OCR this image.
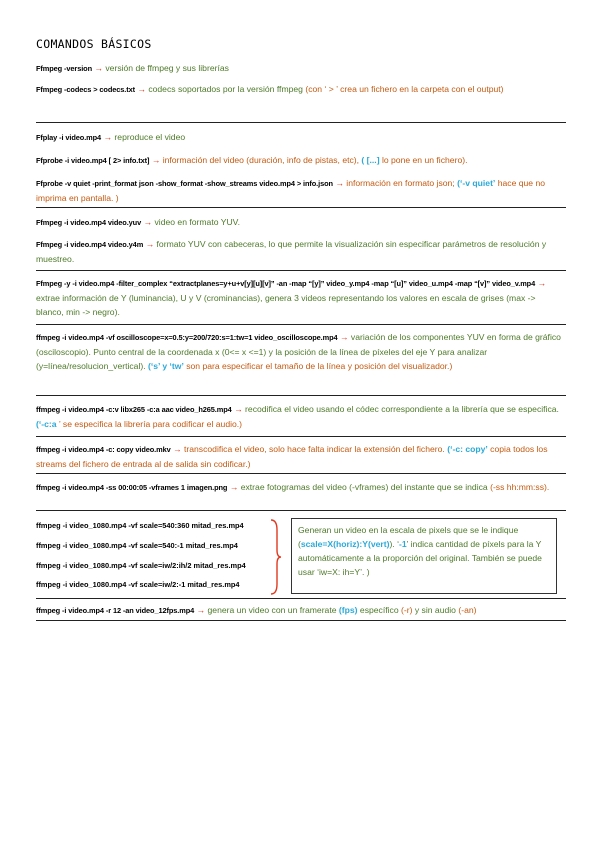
COMANDOS BÁSICOS
Ffmpeg -version → versión de ffmpeg y sus librerías
Ffmpeg -codecs > codecs.txt → codecs soportados por la versión ffmpeg (con ‘ > ’ crea un fichero en la carpeta con el output)
Ffplay -i video.mp4 → reproduce el video
Ffprobe -i video.mp4 [ 2> info.txt] → información del video (duración, info de pistas, etc), ( [...] lo pone en un fichero).
Ffprobe -v quiet -print_format json -show_format -show_streams video.mp4 > info.json → información en formato json; (‘-v quiet’ hace que no imprima en pantalla. )
Ffmpeg -i video.mp4 video.yuv → video en formato YUV.
Ffmpeg -i video.mp4 video.y4m → formato YUV con cabeceras, lo que permite la visualización sin especificar parámetros de resolución y muestreo.
Ffmpeg -y -i video.mp4 -filter_complex “extractplanes=y+u+v[y][u][v]” -an -map “[y]” video_y.mp4 -map “[u]” video_u.mp4 -map “[v]” video_v.mp4 → extrae información de Y (luminancia), U y V (crominancias), genera 3 videos representando los valores en escala de grises (max -> blanco, min -> negro).
ffmpeg -i video.mp4 -vf oscilloscope=x=0.5:y=200/720:s=1:tw=1 video_oscilloscope.mp4 → variación de los componentes YUV en forma de gráfico (osciloscopio). Punto central de la coordenada x (0<= x <=1) y la posición de la línea de píxeles del eje Y para analizar (y=línea/resolucion_vertical). (‘s’ y ‘tw’ son para especificar el tamaño de la línea y posición del visualizador.)
ffmpeg -i video.mp4 -c:v libx265 -c:a aac video_h265.mp4 → recodifica el video usando el códec correspondiente a la librería que se especifica. (‘-c:a ’ se especifica la librería para codificar el audio.)
ffmpeg -i video.mp4 -c: copy video.mkv → transcodifica el video, solo hace falta indicar la extensión del fichero. (‘-c: copy’ copia todos los streams del fichero de entrada al de salida sin codificar.)
ffmpeg -i video.mp4 -ss 00:00:05 -vframes 1 imagen.png → extrae fotogramas del video (-vframes) del instante que se indica (-ss hh:mm:ss).
ffmpeg -i video_1080.mp4 -vf scale=540:360 mitad_res.mp4
ffmpeg -i video_1080.mp4 -vf scale=540:-1 mitad_res.mp4
ffmpeg -i video_1080.mp4 -vf scale=iw/2:ih/2 mitad_res.mp4
ffmpeg -i video_1080.mp4 -vf scale=iw/2:-1 mitad_res.mp4
Generan un video en la escala de pixels que se le indique (scale=X(horiz):Y(vert)). ‘-1’ indica cantidad de píxels para la Y automáticamente a la proporción del original. También se puede usar ‘iw=X: ih=Y’. )
ffmpeg -i video.mp4 -r 12 -an video_12fps.mp4 → genera un video con un framerate (fps) específico (-r) y sin audio (-an)
